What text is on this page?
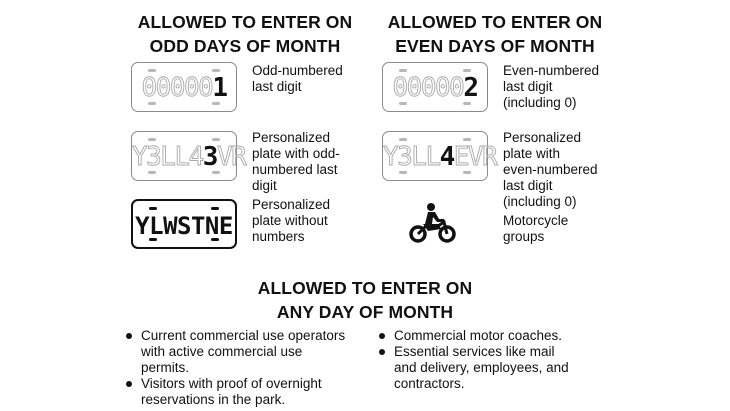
ALLOWED TO ENTER ON
ODD DAYS OF MONTH
ALLOWED TO ENTER ON
EVEN DAYS OF MONTH
000001
Odd-numbered
last digit
Y3LL43VR
Personalized
plate with odd-
numbered last
digit
YLWSTNE
Personalized
plate without
numbers
000002
Even-numbered
last digit
(including 0)
Y3LL4EVR
Personalized
plate with
even-numbered
last digit
(including 0)
Motorcycle
groups
ALLOWED TO ENTER ON
ANY DAY OF MONTH
Current commercial use operators
with active commercial use
permits.
Visitors with proof of overnight
reservations in the park.
Commercial motor coaches.
Essential services like mail
and delivery, employees, and
contractors.
